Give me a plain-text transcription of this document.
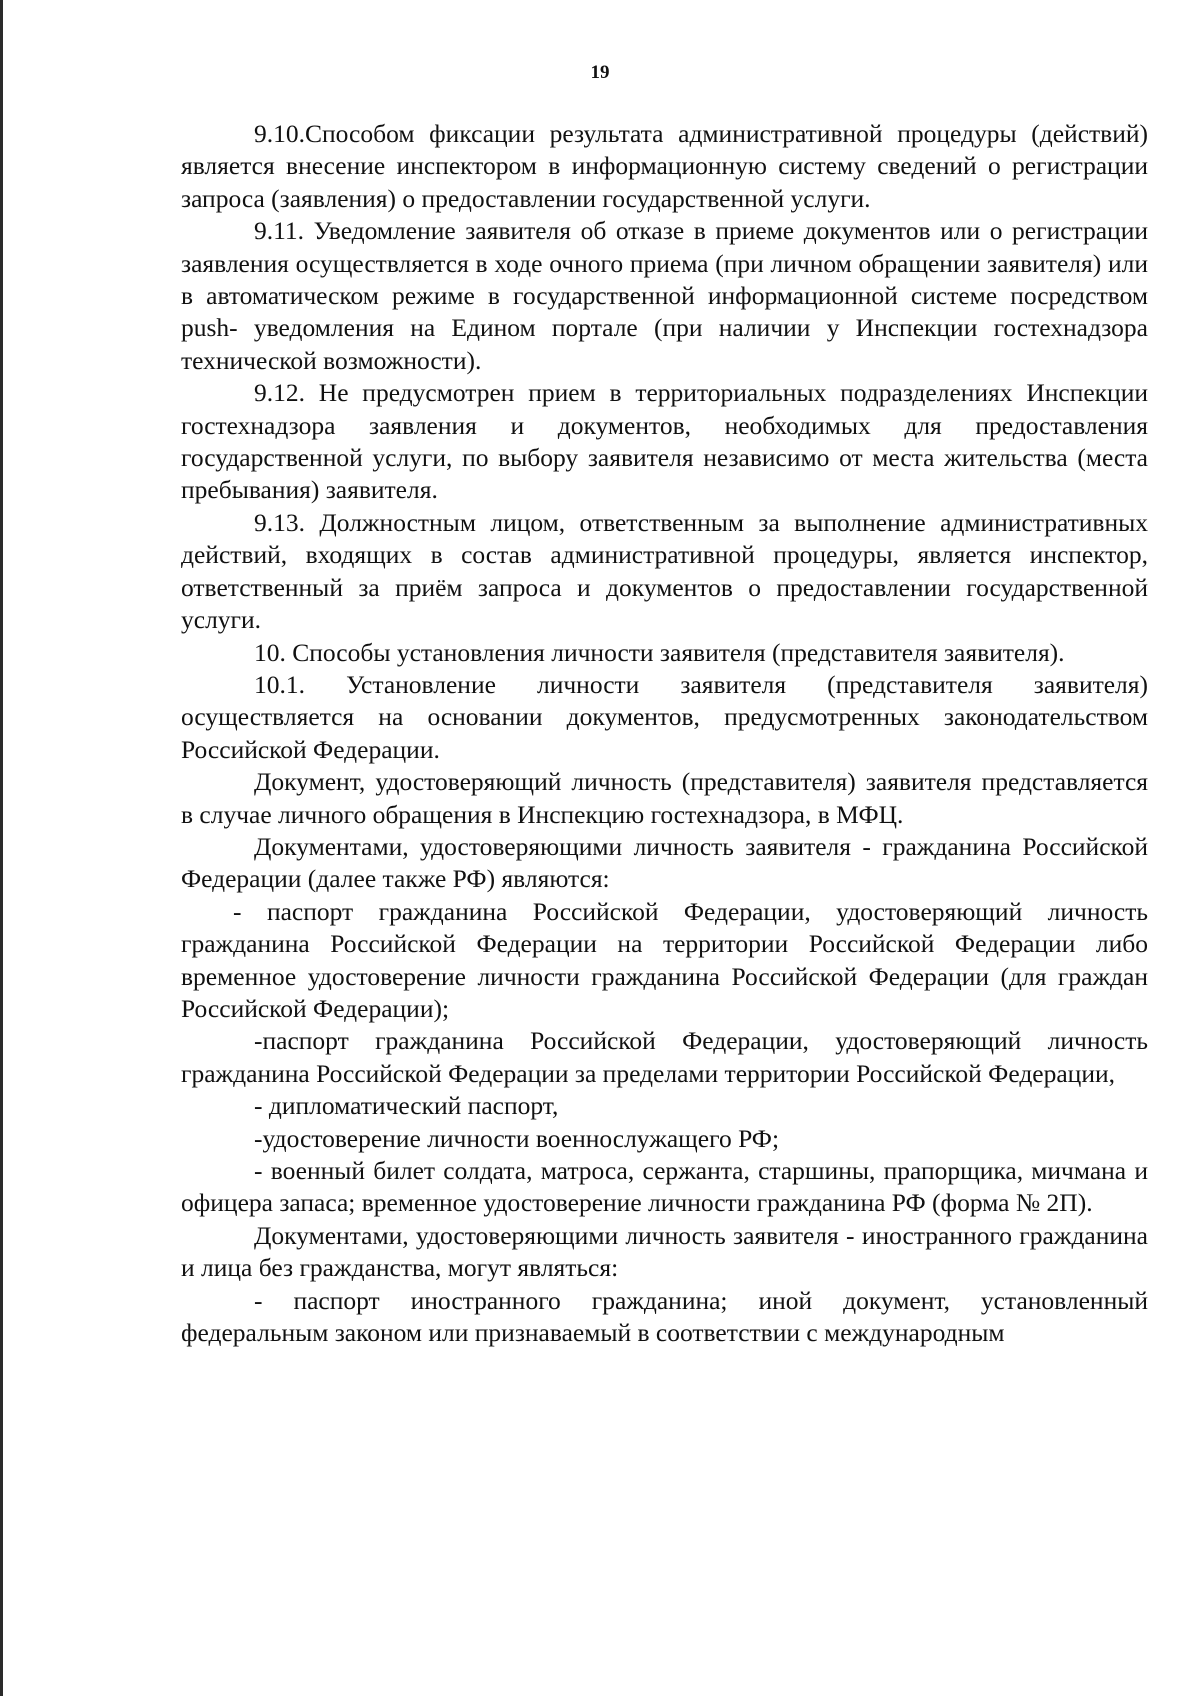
19

9.10.Способом фиксации результата административной процедуры (действий) является внесение инспектором в информационную систему сведений о регистрации запроса (заявления) о предоставлении государственной услуги.

9.11. Уведомление заявителя об отказе в приеме документов или о регистрации заявления осуществляется в ходе очного приема (при личном обращении заявителя) или в автоматическом режиме в государственной информационной системе посредством push- уведомления на Едином портале (при наличии у Инспекции гостехнадзора технической возможности).

9.12. Не предусмотрен прием в территориальных подразделениях Инспекции гостехнадзора заявления и документов, необходимых для предоставления государственной услуги, по выбору заявителя независимо от места жительства (места пребывания) заявителя.

9.13. Должностным лицом, ответственным за выполнение административных действий, входящих в состав административной процедуры, является инспектор, ответственный за приём запроса и документов о предоставлении государственной услуги.

10. Способы установления личности заявителя (представителя заявителя).

10.1. Установление личности заявителя (представителя заявителя) осуществляется на основании документов, предусмотренных законодательством Российской Федерации.

Документ, удостоверяющий личность (представителя) заявителя представляется в случае личного обращения в Инспекцию гостехнадзора, в МФЦ.

Документами, удостоверяющими личность заявителя - гражданина Российской Федерации (далее также РФ) являются:

- паспорт гражданина Российской Федерации, удостоверяющий личность гражданина Российской Федерации на территории Российской Федерации либо временное удостоверение личности гражданина Российской Федерации (для граждан Российской Федерации);

-паспорт гражданина Российской Федерации, удостоверяющий личность гражданина Российской Федерации за пределами территории Российской Федерации,

- дипломатический паспорт,

-удостоверение личности военнослужащего РФ;

- военный билет солдата, матроса, сержанта, старшины, прапорщика, мичмана и офицера запаса; временное удостоверение личности гражданина РФ (форма № 2П).

Документами, удостоверяющими личность заявителя - иностранного гражданина и лица без гражданства, могут являться:

- паспорт иностранного гражданина; иной документ, установленный федеральным законом или признаваемый в соответствии с международным
